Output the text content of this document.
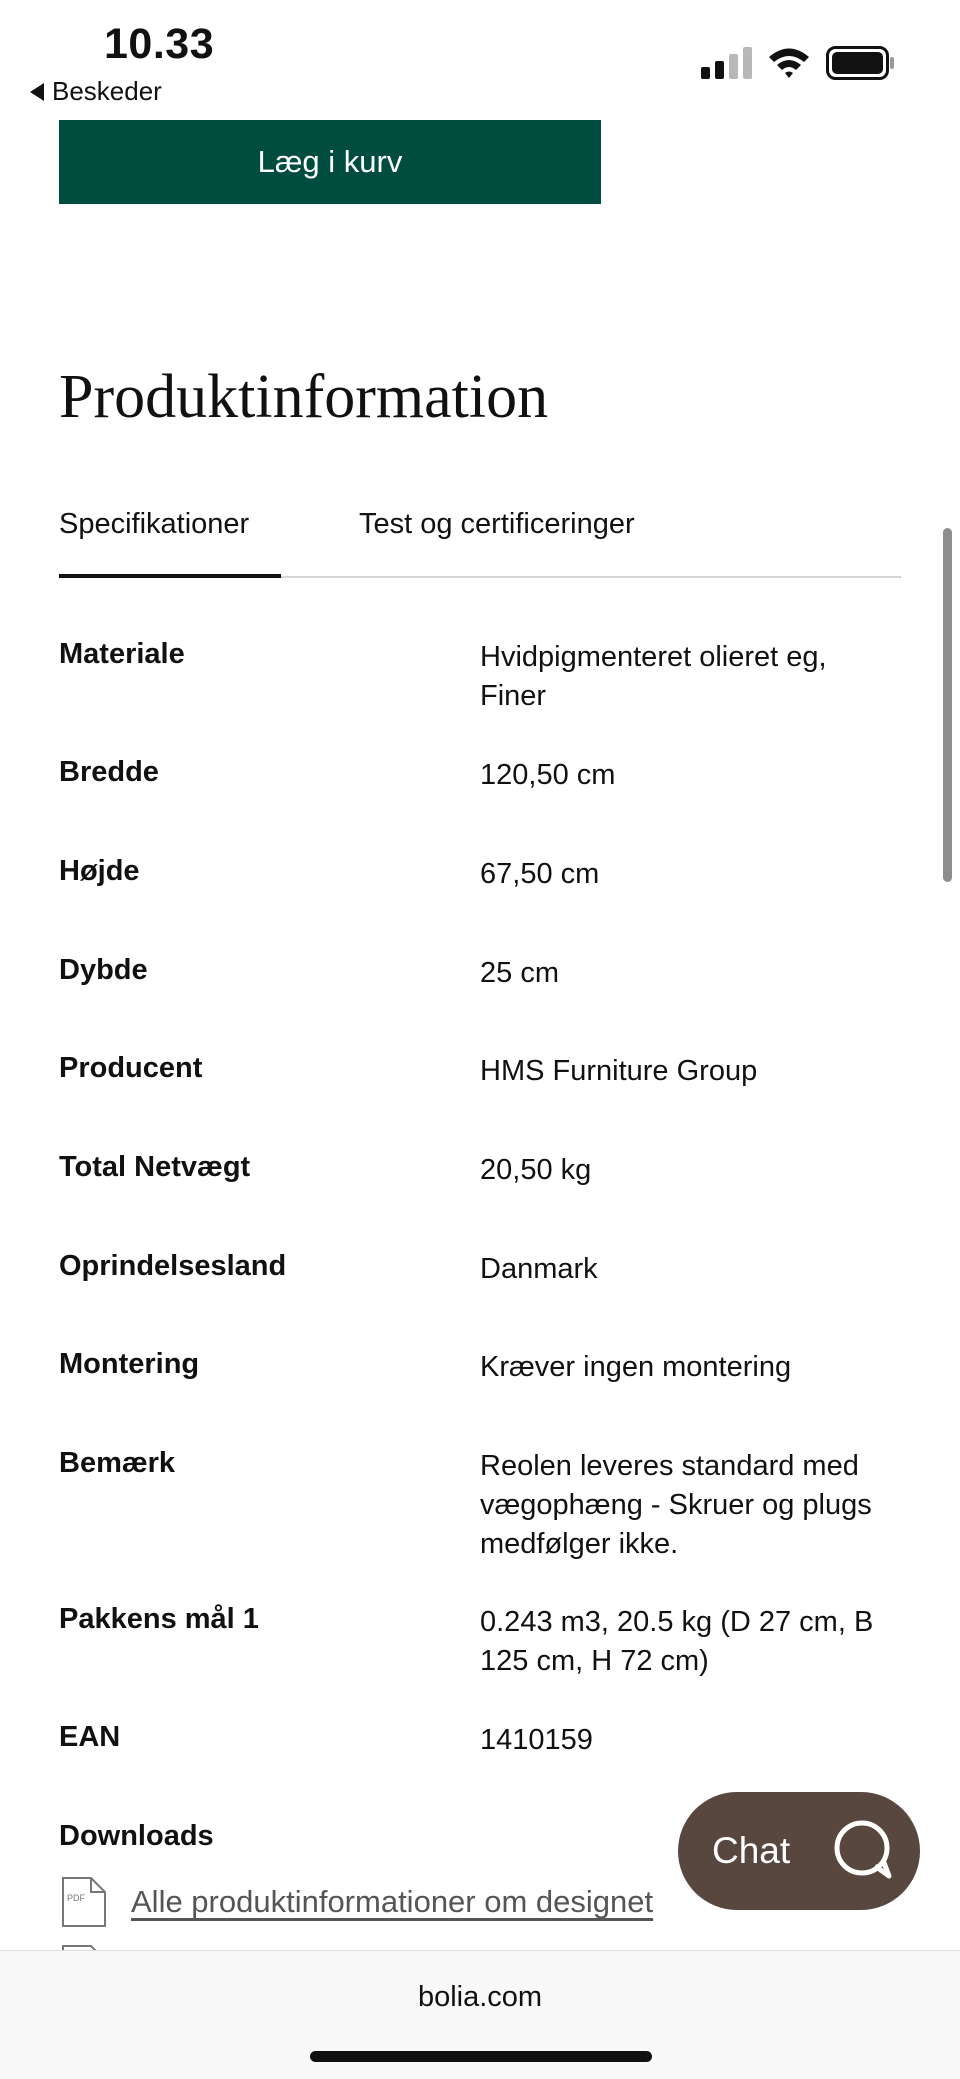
10.33
Beskeder
Læg i kurv
Produktinformation
Specifikationer	Test og certificeringer
Materiale	Hvidpigmenteret olieret eg, Finer
Bredde	120,50 cm
Højde	67,50 cm
Dybde	25 cm
Producent	HMS Furniture Group
Total Netvægt	20,50 kg
Oprindelsesland	Danmark
Montering	Kræver ingen montering
Bemærk	Reolen leveres standard med vægophæng - Skruer og plugs medfølger ikke.
Pakkens mål 1	0.243 m3, 20.5 kg (D 27 cm, B 125 cm, H 72 cm)
EAN	1410159
Downloads
PDF Alle produktinformationer om designet
Chat
bolia.com
